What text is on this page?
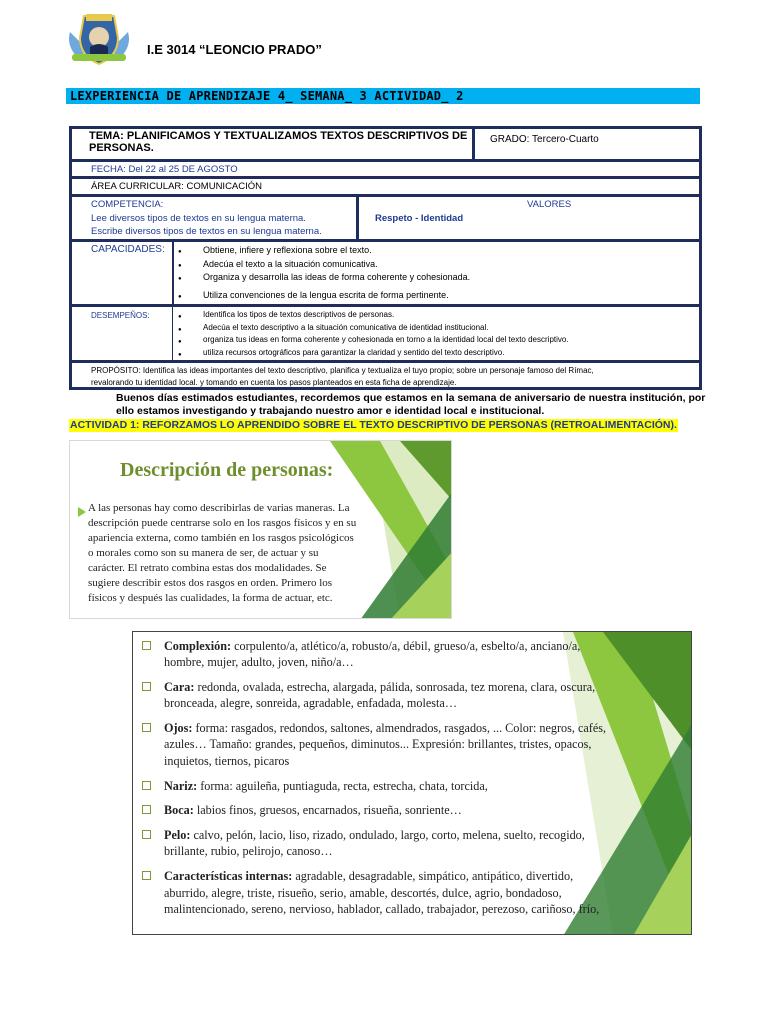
I.E 3014 “LEONCIO PRADO”
LEXPERIENCIA DE APRENDIZAJE 4_ SEMANA_ 3 ACTIVIDAD_ 2
TEMA: PLANIFICAMOS Y TEXTUALIZAMOS TEXTOS DESCRIPTIVOS DE PERSONAS.
GRADO: Tercero-Cuarto
FECHA: Del 22 al 25 DE AGOSTO
ÁREA CURRICULAR: COMUNICACIÓN
COMPETENCIA:
Lee diversos tipos de textos en su lengua materna.
Escribe diversos tipos de textos en su lengua materna.
VALORES
Respeto - Identidad
CAPACIDADES:	● Obtiene, infiere y reflexiona sobre el texto.
● Adecúa el texto a la situación comunicativa.
● Organiza y desarrolla las ideas de forma coherente y cohesionada.
● Utiliza convenciones de la lengua escrita de forma pertinente.
DESEMPEÑOS:	● Identifica los tipos de textos descriptivos de personas.
● Adecúa el texto descriptivo a la situación comunicativa de identidad institucional.
● organiza tus ideas en forma coherente y cohesionada en torno a la identidad local del texto descriptivo.
● utiliza recursos ortográficos para garantizar la claridad y sentido del texto descriptivo.
PROPÓSITO: Identifica las ideas importantes del texto descriptivo, planifica y textualiza el tuyo propio; sobre un personaje famoso del Rímac,
revalorando tu identidad local. y tomando en cuenta los pasos planteados en esta ficha de aprendizaje.
Buenos días estimados estudiantes, recordemos que estamos en la semana de aniversario de nuestra institución, por ello estamos investigando y trabajando nuestro amor e identidad local e institucional.
ACTIVIDAD 1: REFORZAMOS LO APRENDIDO SOBRE EL TEXTO DESCRIPTIVO DE PERSONAS (RETROALIMENTACIÓN).
Descripción de personas:
A las personas hay como describirlas de varias maneras. La descripción puede centrarse solo en los rasgos físicos y en su apariencia externa, como también en los rasgos psicológicos o morales como son su manera de ser, de actuar y su carácter. El retrato combina estas dos modalidades. Se sugiere describir estos dos rasgos en orden. Primero los físicos y después las cualidades, la forma de actuar, etc.
Complexión: corpulento/a, atlético/a, robusto/a, débil, grueso/a, esbelto/a, anciano/a, hombre, mujer, adulto, joven, niño/a…
Cara: redonda, ovalada, estrecha, alargada, pálida, sonrosada, tez morena, clara, oscura, bronceada, alegre, sonreida, agradable, enfadada, molesta…
Ojos: forma: rasgados, redondos, saltones, almendrados, rasgados, ... Color: negros, cafés, azules… Tamaño: grandes, pequeños, diminutos... Expresión: brillantes, tristes, opacos, inquietos, tiernos, picaros
Nariz: forma: aguileña, puntiaguda, recta, estrecha, chata, torcida,
Boca: labios finos, gruesos, encarnados, risueña, sonriente…
Pelo: calvo, pelón, lacio, liso, rizado, ondulado, largo, corto, melena, suelto, recogido, brillante, rubio, pelirojo, canoso…
Características internas: agradable, desagradable, simpático, antipático, divertido, aburrido, alegre, triste, risueño, serio, amable, descortés, dulce, agrio, bondadoso, malintencionado, sereno, nervioso, hablador, callado, trabajador, perezoso, cariñoso, frío,
